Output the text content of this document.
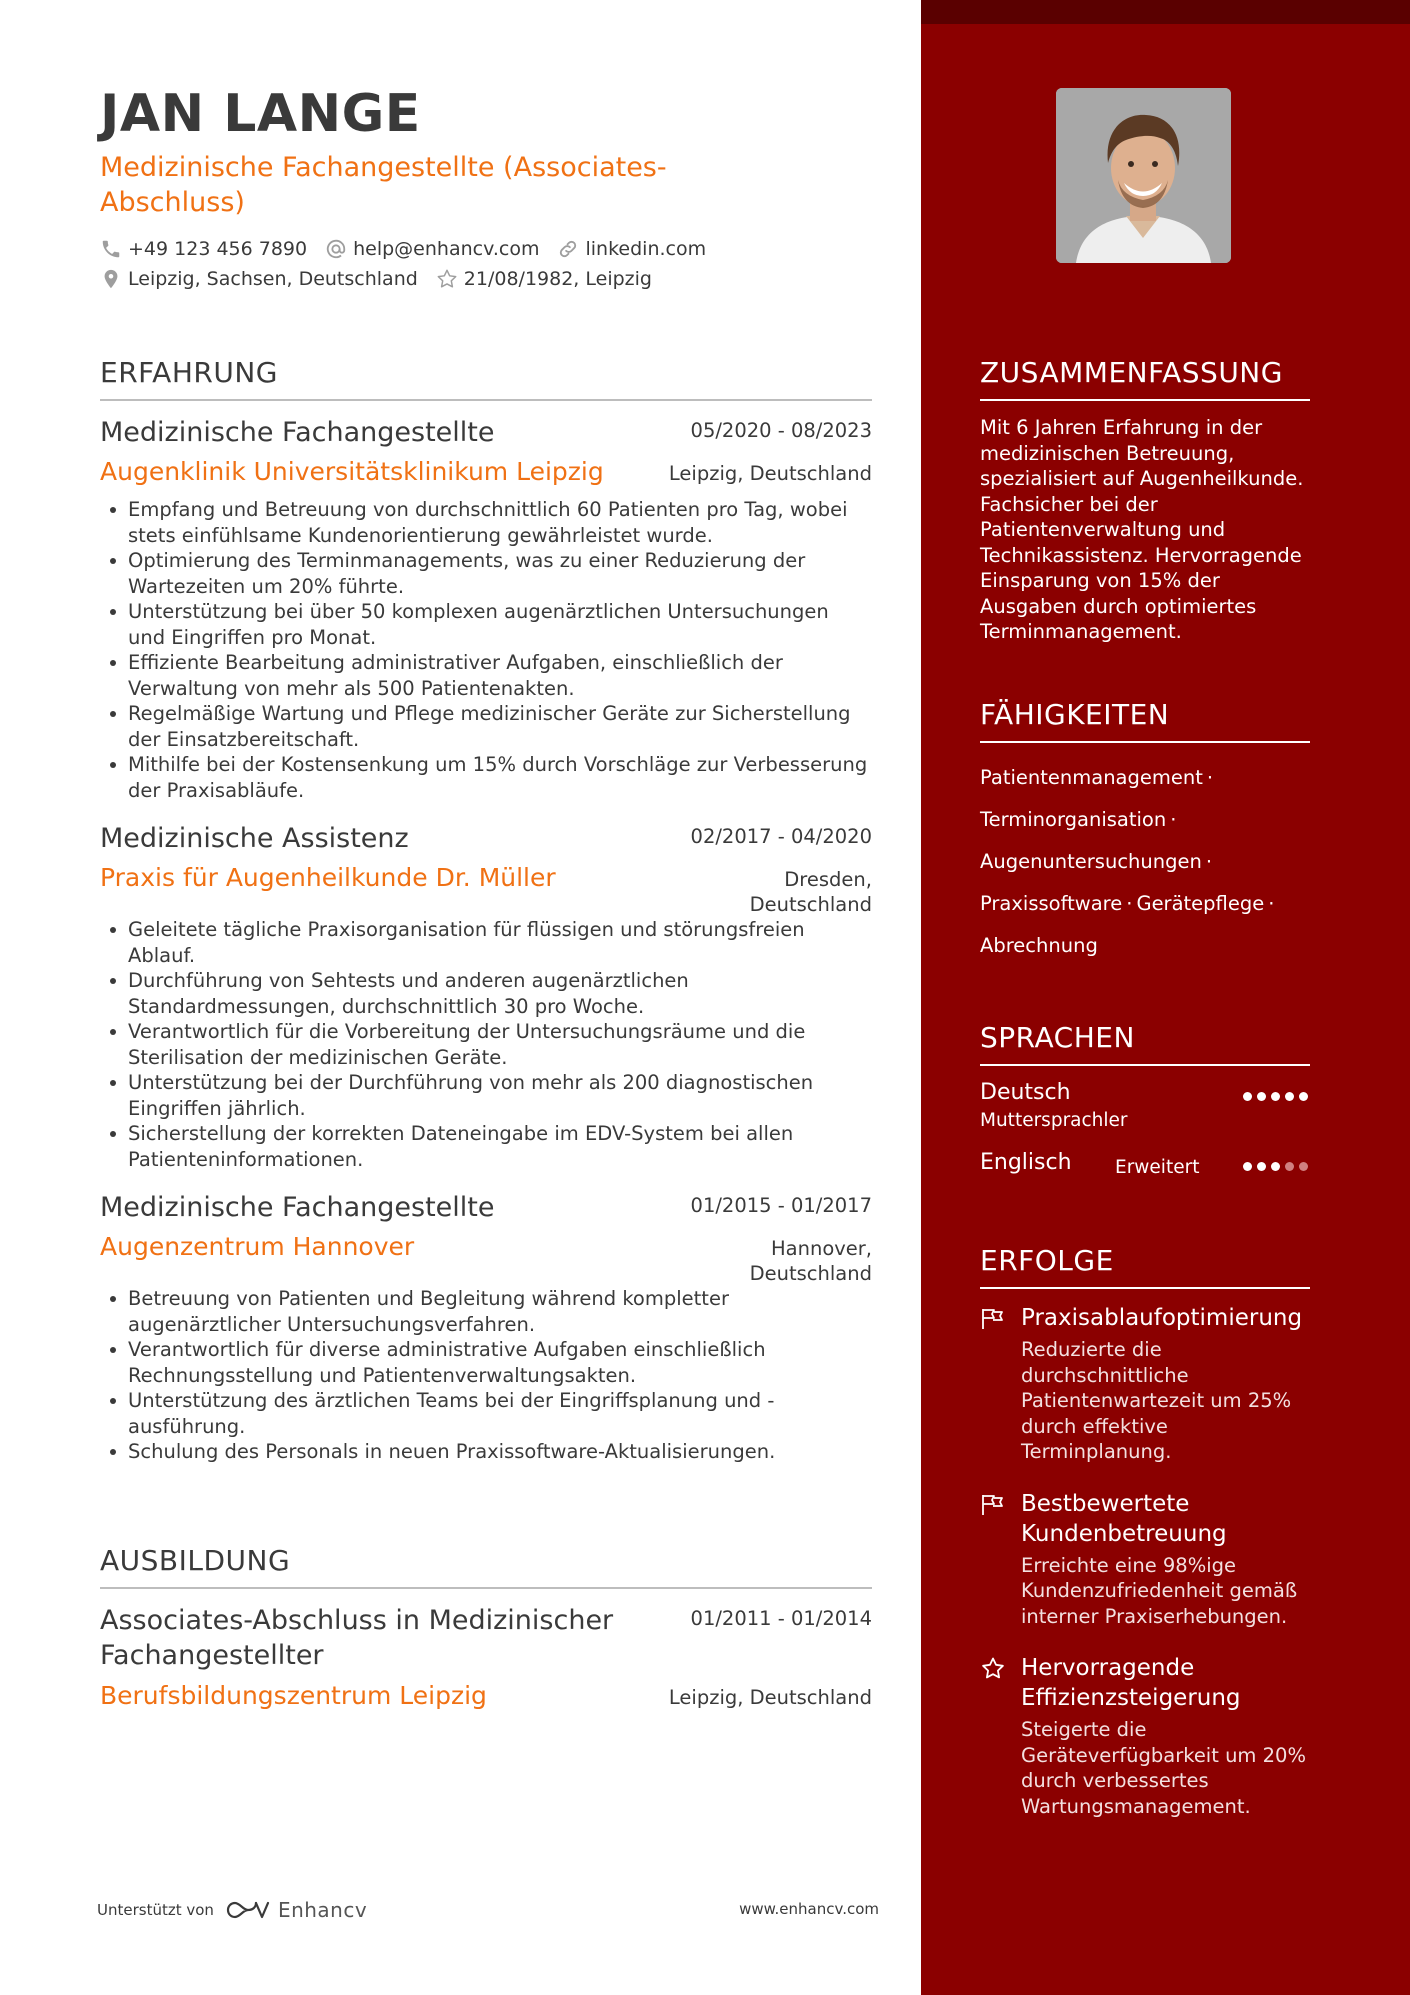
JAN LANGE
Medizinische Fachangestellte (Associates-Abschluss)
+49 123 456 7890 help@enhancv.com linkedin.com
Leipzig, Sachsen, Deutschland 21/08/1982, Leipzig
ERFAHRUNG
Medizinische Fachangestellte	05/2020 - 08/2023
Augenklinik Universitätsklinikum Leipzig	Leipzig, Deutschland
Empfang und Betreuung von durchschnittlich 60 Patienten pro Tag, wobei stets einfühlsame Kundenorientierung gewährleistet wurde.
Optimierung des Terminmanagements, was zu einer Reduzierung der Wartezeiten um 20% führte.
Unterstützung bei über 50 komplexen augenärztlichen Untersuchungen und Eingriffen pro Monat.
Effiziente Bearbeitung administrativer Aufgaben, einschließlich der Verwaltung von mehr als 500 Patientenakten.
Regelmäßige Wartung und Pflege medizinischer Geräte zur Sicherstellung der Einsatzbereitschaft.
Mithilfe bei der Kostensenkung um 15% durch Vorschläge zur Verbesserung der Praxisabläufe.
Medizinische Assistenz	02/2017 - 04/2020
Praxis für Augenheilkunde Dr. Müller	Dresden,
Deutschland
Geleitete tägliche Praxisorganisation für flüssigen und störungsfreien Ablauf.
Durchführung von Sehtests und anderen augenärztlichen Standardmessungen, durchschnittlich 30 pro Woche.
Verantwortlich für die Vorbereitung der Untersuchungsräume und die Sterilisation der medizinischen Geräte.
Unterstützung bei der Durchführung von mehr als 200 diagnostischen Eingriffen jährlich.
Sicherstellung der korrekten Dateneingabe im EDV-System bei allen Patienteninformationen.
Medizinische Fachangestellte	01/2015 - 01/2017
Augenzentrum Hannover	Hannover,
Deutschland
Betreuung von Patienten und Begleitung während kompletter augenärztlicher Untersuchungsverfahren.
Verantwortlich für diverse administrative Aufgaben einschließlich Rechnungsstellung und Patientenverwaltungsakten.
Unterstützung des ärztlichen Teams bei der Eingriffsplanung und -ausführung.
Schulung des Personals in neuen Praxissoftware-Aktualisierungen.
AUSBILDUNG
Associates-Abschluss in Medizinischer Fachangestellter
01/2011 - 01/2014
Berufsbildungszentrum Leipzig	Leipzig, Deutschland
Unterstützt von	Enhancv	www.enhancv.com
ZUSAMMENFASSUNG
Mit 6 Jahren Erfahrung in der medizinischen Betreuung, spezialisiert auf Augenheilkunde. Fachsicher bei der Patientenverwaltung und Technikassistenz. Hervorragende Einsparung von 15% der Ausgaben durch optimiertes Terminmanagement.
FÄHIGKEITEN
Patientenmanagement ·
Terminorganisation ·
Augenuntersuchungen ·
Praxissoftware · Gerätepflege ·
Abrechnung
SPRACHEN
Deutsch
Muttersprachler
Englisch Erweitert
ERFOLGE
Praxisablaufoptimierung
Reduzierte die durchschnittliche Patientenwartezeit um 25% durch effektive Terminplanung.
Bestbewertete Kundenbetreuung
Erreichte eine 98%ige Kundenzufriedenheit gemäß interner Praxiserhebungen.
Hervorragende Effizienzsteigerung
Steigerte die Geräteverfügbarkeit um 20% durch verbessertes Wartungsmanagement.
